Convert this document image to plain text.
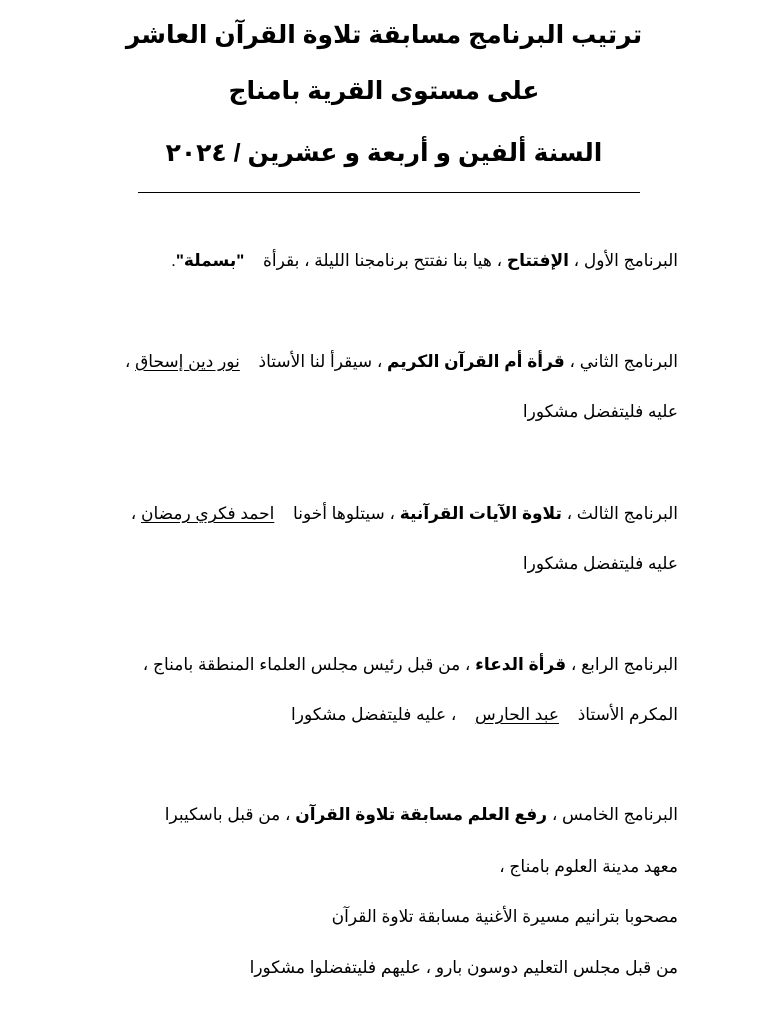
ترتيب البرنامج مسابقة تلاوة القرآن العاشر
على مستوى القرية بامناج
السنة ألفين و أربعة و عشرين / ٢٠٢٤
البرنامج الأول ، الإفتتاح ، هيا بنا نفتتح برنامجنا الليلة ، بقرأة "بسملة".
البرنامج الثاني ، قرأة أم القرآن الكريم ، سيقرأ لنا الأستاذ نور دين إسحاق ،
عليه فليتفضل مشكورا
البرنامج الثالث ، تلاوة الآيات القرآنية ، سيتلوها أخونا احمد فكري رمضان ،
عليه فليتفضل مشكورا
البرنامج الرابع ، قرأة الدعاء ، من قبل رئيس مجلس العلماء المنطقة بامناج ،
المكرم الأستاذ عبد الحارس ، عليه فليتفضل مشكورا
البرنامج الخامس ، رفع العلم مسابقة تلاوة القرآن ، من قبل باسكيبرا
معهد مدينة العلوم بامناج ،
مصحوبا بترانيم مسيرة الأغنية مسابقة تلاوة القرآن
من قبل مجلس التعليم دوسون بارو ، عليهم فليتفضلوا مشكورا
